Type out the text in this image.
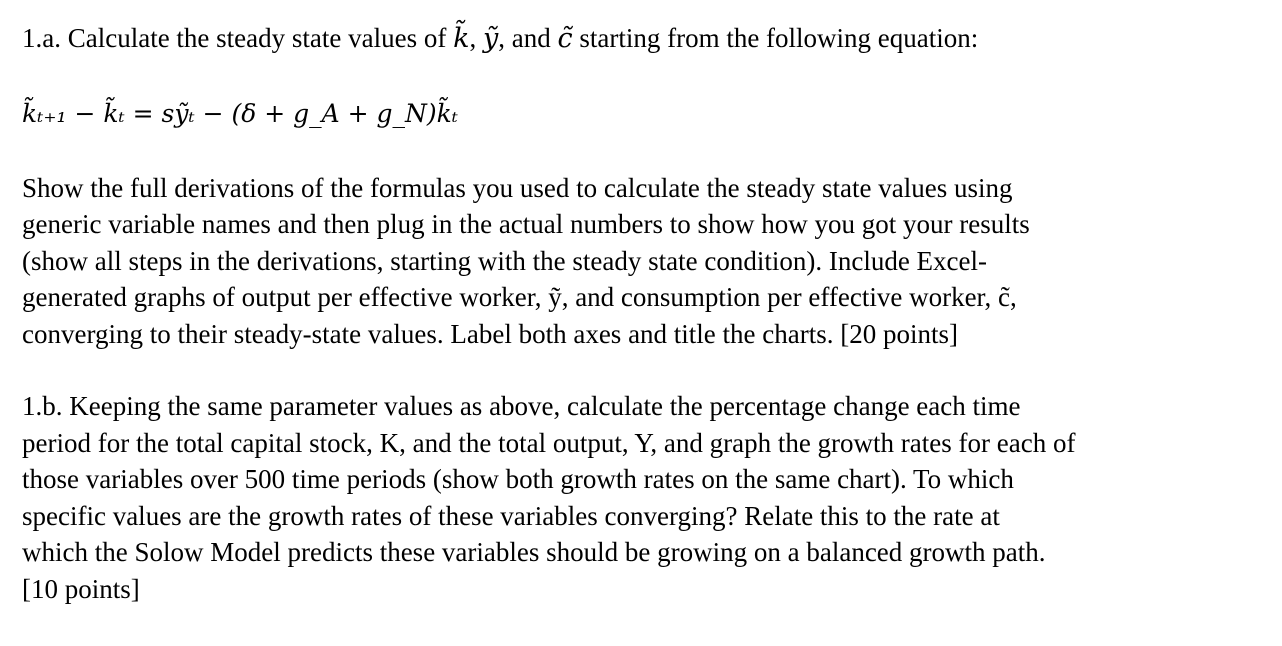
1.a. Calculate the steady state values of k̃, ỹ, and c̃ starting from the following equation:
k̃ₜ₊₁ − k̃ₜ = sỹₜ − (δ + g_A + g_N)k̃ₜ
Show the full derivations of the formulas you used to calculate the steady state values using
generic variable names and then plug in the actual numbers to show how you got your results
(show all steps in the derivations, starting with the steady state condition). Include Excel-
generated graphs of output per effective worker, ỹ, and consumption per effective worker, c̃,
converging to their steady-state values. Label both axes and title the charts. [20 points]
1.b. Keeping the same parameter values as above, calculate the percentage change each time
period for the total capital stock, K, and the total output, Y, and graph the growth rates for each of
those variables over 500 time periods (show both growth rates on the same chart). To which
specific values are the growth rates of these variables converging? Relate this to the rate at
which the Solow Model predicts these variables should be growing on a balanced growth path.
[10 points]
